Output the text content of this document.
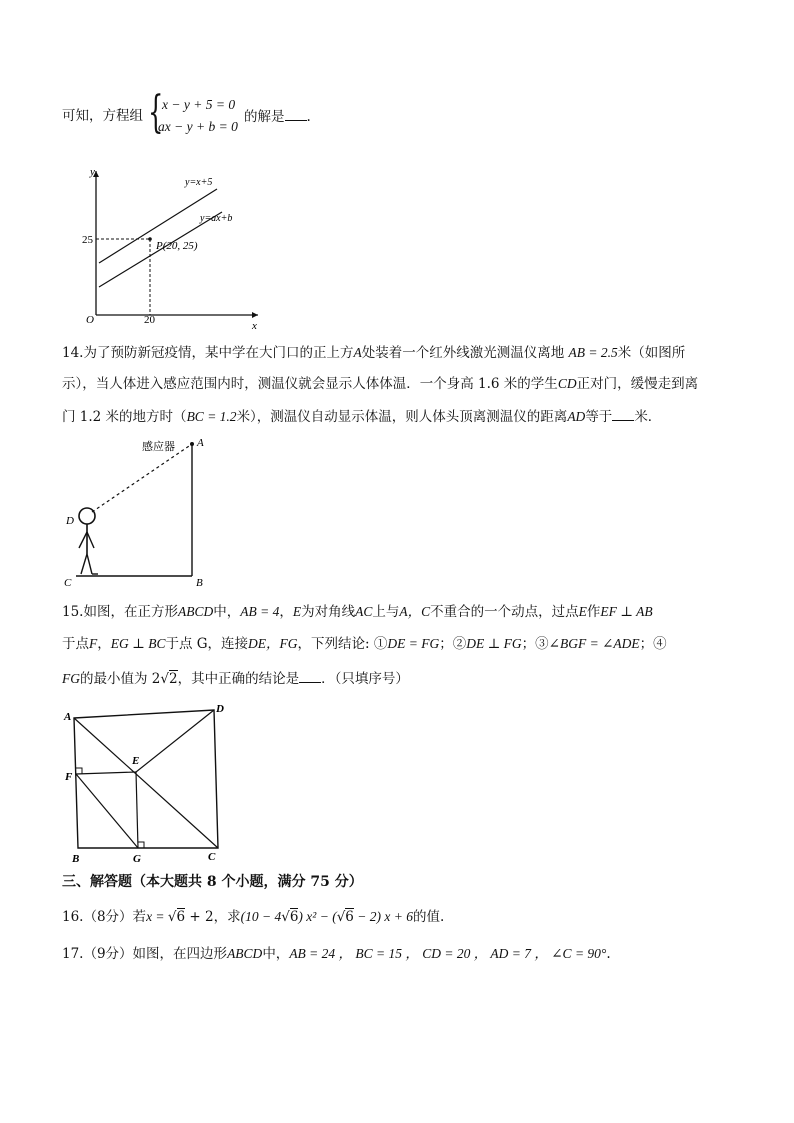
可知，方程组 {
x − y + 5 = 0
ax − y + b = 0
的解是 .
y
x
O
25
20
P(20, 25)
y=x+5
y=ax+b
14.为了预防新冠疫情，某中学在大门口的正上方A处装着一个红外线激光测温仪离地 AB = 2.5米（如图所
示），当人体进入感应范围内时，测温仪就会显示人体体温．一个身高 1.6 米的学生CD正对门，缓慢走到离
门 1.2 米的地方时（BC = 1.2米），测温仪自动显示体温，则人体头顶离测温仪的距离AD等于 米．
感应器 A
B
C
D
15.如图，在正方形ABCD中，AB = 4，E为对角线AC上与A，C不重合的一个动点，过点E作EF ⊥ AB
于点F，EG ⊥ BC于点 G，连接DE，FG，下列结论: ①DE = FG；②DE ⊥ FG；③∠BGF = ∠ADE；④
FG的最小值为 2√2，其中正确的结论是 ．（只填序号）
A
D
B	C
F
E
G
三、解答题（本大题共 8 个小题，满分 75 分）
16.（8分）若x = √6 + 2，求(10 − 4√6) x² − (√6 − 2) x + 6的值.
17.（9分）如图，在四边形ABCD中，AB = 24 ， BC = 15 ， CD = 20 ， AD = 7 ， ∠C = 90°.
